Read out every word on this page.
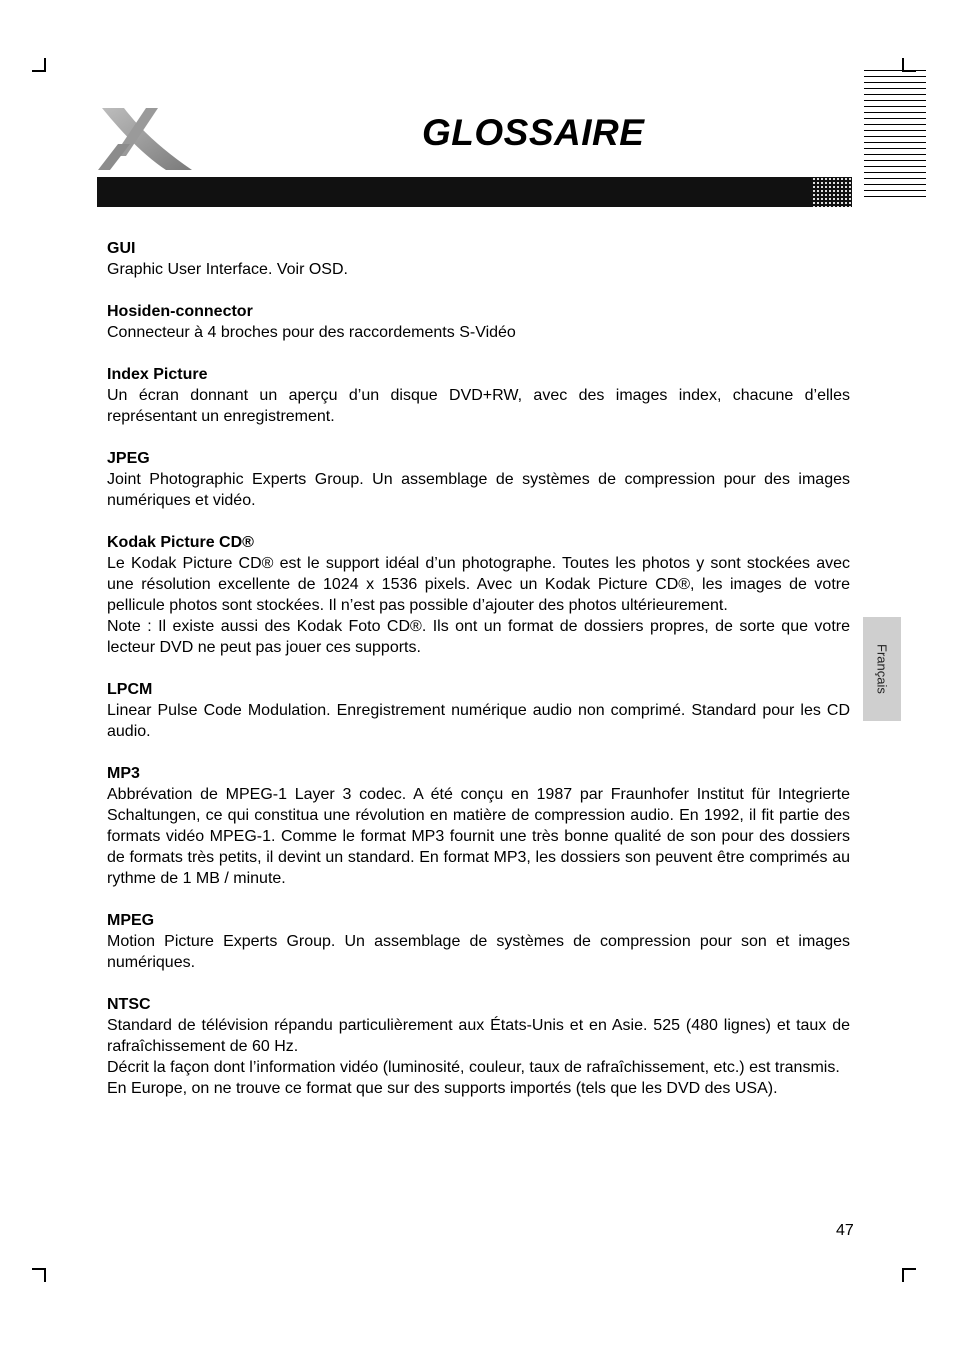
GLOSSAIRE
Français

GUI

Graphic User Interface. Voir OSD.

Hosiden-connector

Connecteur à 4 broches pour des raccordements S-Vidéo

Index Picture

Un écran donnant un aperçu d’un disque DVD+RW, avec des images index, chacune d’elles représentant un enregistrement.

JPEG

Joint Photographic Experts Group. Un assemblage de systèmes de compression pour des images numériques et vidéo.

Kodak Picture CD®

Le Kodak Picture CD® est le support idéal d’un photographe. Toutes les photos y sont stockées avec une résolution excellente de 1024 x 1536 pixels. Avec un Kodak Picture CD®, les images de votre pellicule photos sont stockées. Il n’est pas possible d’ajouter des photos ultérieurement.

Note : Il existe aussi des Kodak Foto CD®. Ils ont un format de dossiers propres, de sorte que votre lecteur DVD ne peut pas jouer ces supports.

LPCM

Linear Pulse Code Modulation. Enregistrement numérique audio non comprimé. Standard pour les CD audio.

MP3

Abbrévation de MPEG-1 Layer 3 codec. A été conçu en 1987 par Fraunhofer Institut für Integrierte Schaltungen, ce qui constitua une révolution en matière de compression audio. En 1992, il fit partie des formats vidéo MPEG-1. Comme le format MP3 fournit une très bonne qualité de son pour des dossiers de formats très petits, il devint un standard. En format MP3, les dossiers son peuvent être comprimés au rythme de 1 MB / minute.

MPEG

Motion Picture Experts Group. Un assemblage de systèmes de compression pour son et images numériques.

NTSC

Standard de télévision répandu particulièrement aux États-Unis et en Asie. 525 (480 lignes) et taux de rafraîchissement de 60 Hz.

Décrit la façon dont l’information vidéo (luminosité, couleur, taux de rafraîchissement, etc.) est transmis.

En Europe, on ne trouve ce format que sur des supports importés (tels que les DVD des USA).

47
